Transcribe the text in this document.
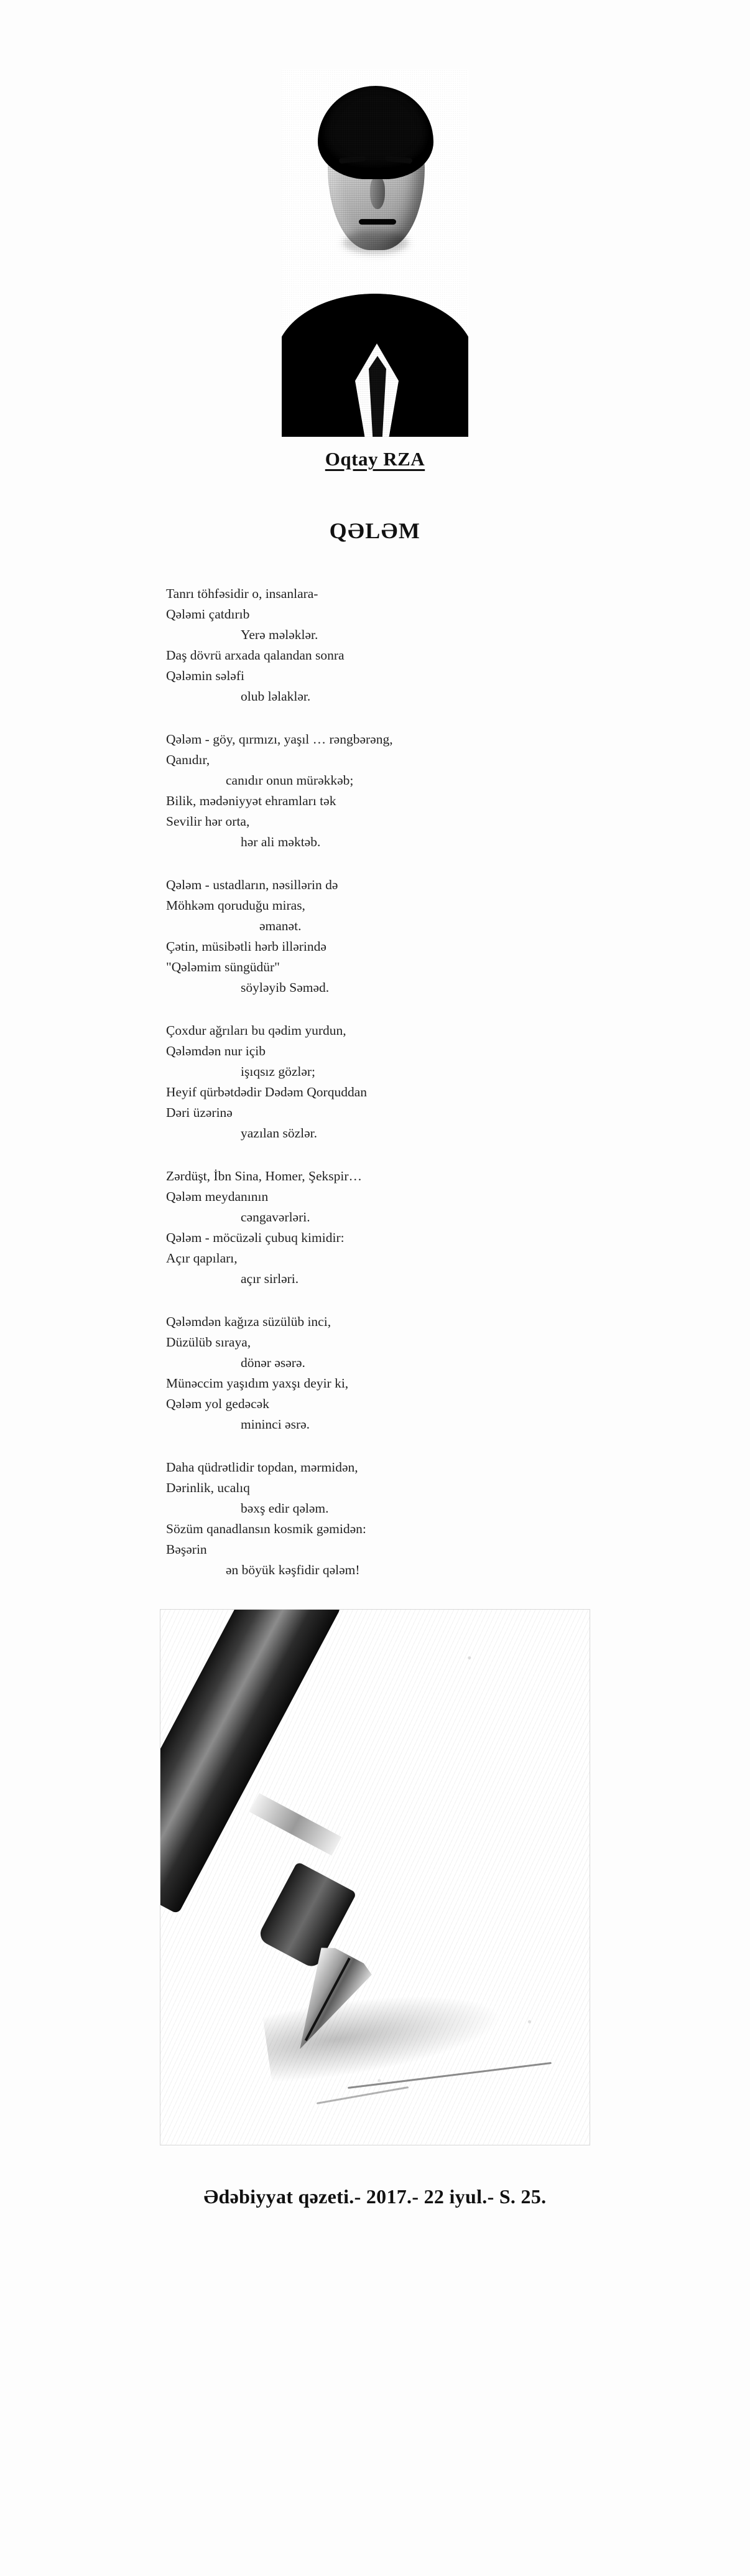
Oqtay RZA
QƏLƏM
Tanrı töhfəsidir o, insanlara-
Qələmi çatdırıb
Yerə mələklər.
Daş dövrü arxada qalandan sonra
Qələmin sələfi
olub ləlaklər.
Qələm - göy, qırmızı, yaşıl … rəngbərəng,
Qanıdır,
canıdır onun mürəkkəb;
Bilik, mədəniyyət ehramları tək
Sevilir hər orta,
hər ali məktəb.
Qələm - ustadların, nəsillərin də
Möhkəm qoruduğu miras,
əmanət.
Çətin, müsibətli hərb illərində
"Qələmim süngüdür"
söyləyib Səməd.
Çoxdur ağrıları bu qədim yurdun,
Qələmdən nur içib
işıqsız gözlər;
Heyif qürbətdədir Dədəm Qorquddan
Dəri üzərinə
yazılan sözlər.
Zərdüşt, İbn Sina, Homer, Şekspir…
Qələm meydanının
cəngavərləri.
Qələm - möcüzəli çubuq kimidir:
Açır qapıları,
açır sirləri.
Qələmdən kağıza süzülüb inci,
Düzülüb sıraya,
dönər əsərə.
Münəccim yaşıdım yaxşı deyir ki,
Qələm yol gedəcək
mininci əsrə.
Daha qüdrətlidir topdan, mərmidən,
Dərinlik, ucalıq
bəxş edir qələm.
Sözüm qanadlansın kosmik gəmidən:
Bəşərin
ən böyük kəşfidir qələm!
Ədəbiyyat qəzeti.- 2017.- 22 iyul.- S. 25.
